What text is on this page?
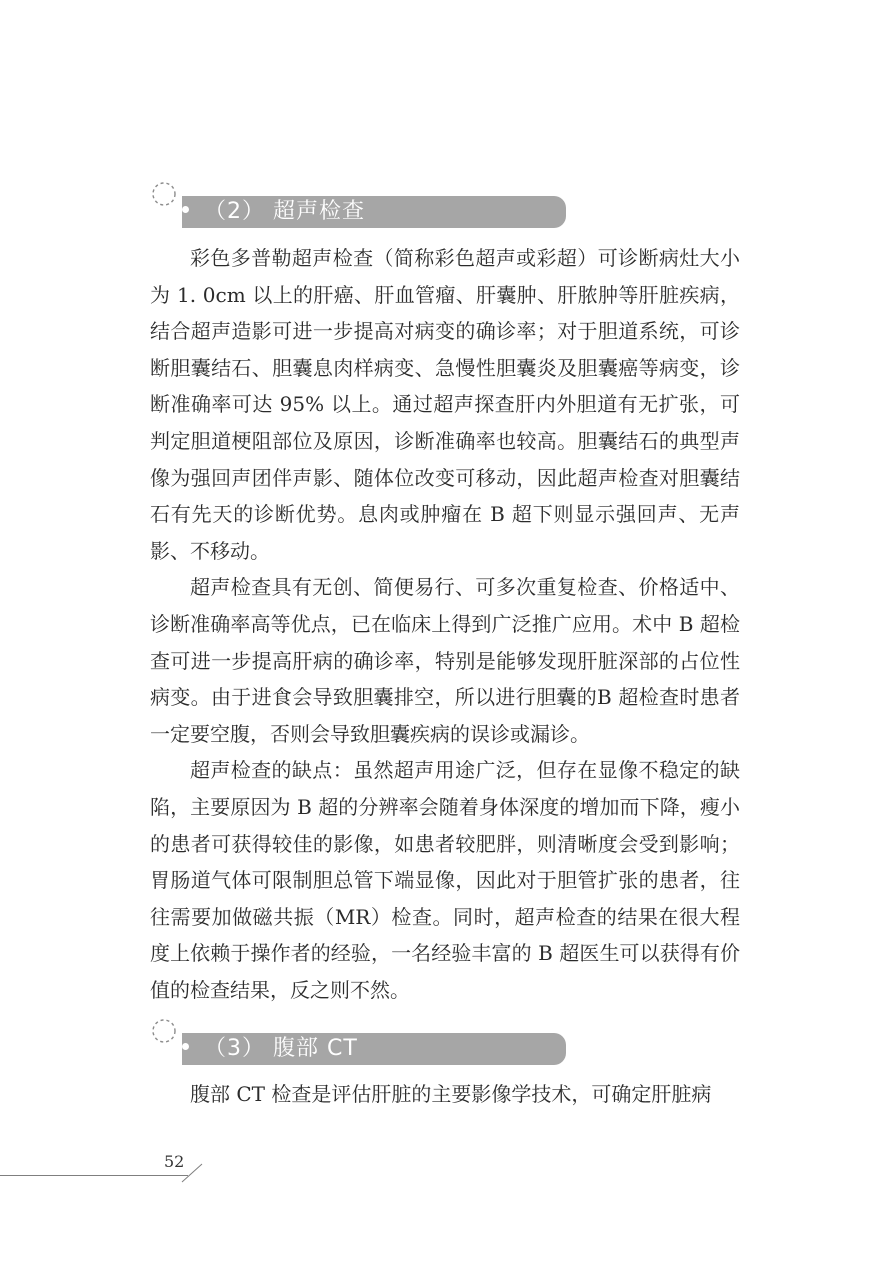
（2） 超声检查

彩色多普勒超声检查（简称彩色超声或彩超）可诊断病灶大小为 1. 0cm 以上的肝癌、肝血管瘤、肝囊肿、肝脓肿等肝脏疾病，结合超声造影可进一步提高对病变的确诊率；对于胆道系统，可诊断胆囊结石、胆囊息肉样病变、急慢性胆囊炎及胆囊癌等病变，诊断准确率可达 95% 以上。通过超声探查肝内外胆道有无扩张，可判定胆道梗阻部位及原因，诊断准确率也较高。胆囊结石的典型声像为强回声团伴声影、随体位改变可移动，因此超声检查对胆囊结石有先天的诊断优势。息肉或肿瘤在 B 超下则显示强回声、无声影、不移动。

超声检查具有无创、简便易行、可多次重复检查、价格适中、诊断准确率高等优点，已在临床上得到广泛推广应用。术中 B 超检查可进一步提高肝病的确诊率，特别是能够发现肝脏深部的占位性病变。由于进食会导致胆囊排空，所以进行胆囊的B 超检查时患者一定要空腹，否则会导致胆囊疾病的误诊或漏诊。

超声检查的缺点：虽然超声用途广泛，但存在显像不稳定的缺陷，主要原因为 B 超的分辨率会随着身体深度的增加而下降，瘦小的患者可获得较佳的影像，如患者较肥胖，则清晰度会受到影响；胃肠道气体可限制胆总管下端显像，因此对于胆管扩张的患者，往往需要加做磁共振（MR）检查。同时，超声检查的结果在很大程度上依赖于操作者的经验，一名经验丰富的 B 超医生可以获得有价值的检查结果，反之则不然。

（3） 腹部 CT

腹部 CT 检查是评估肝脏的主要影像学技术，可确定肝脏病

52
